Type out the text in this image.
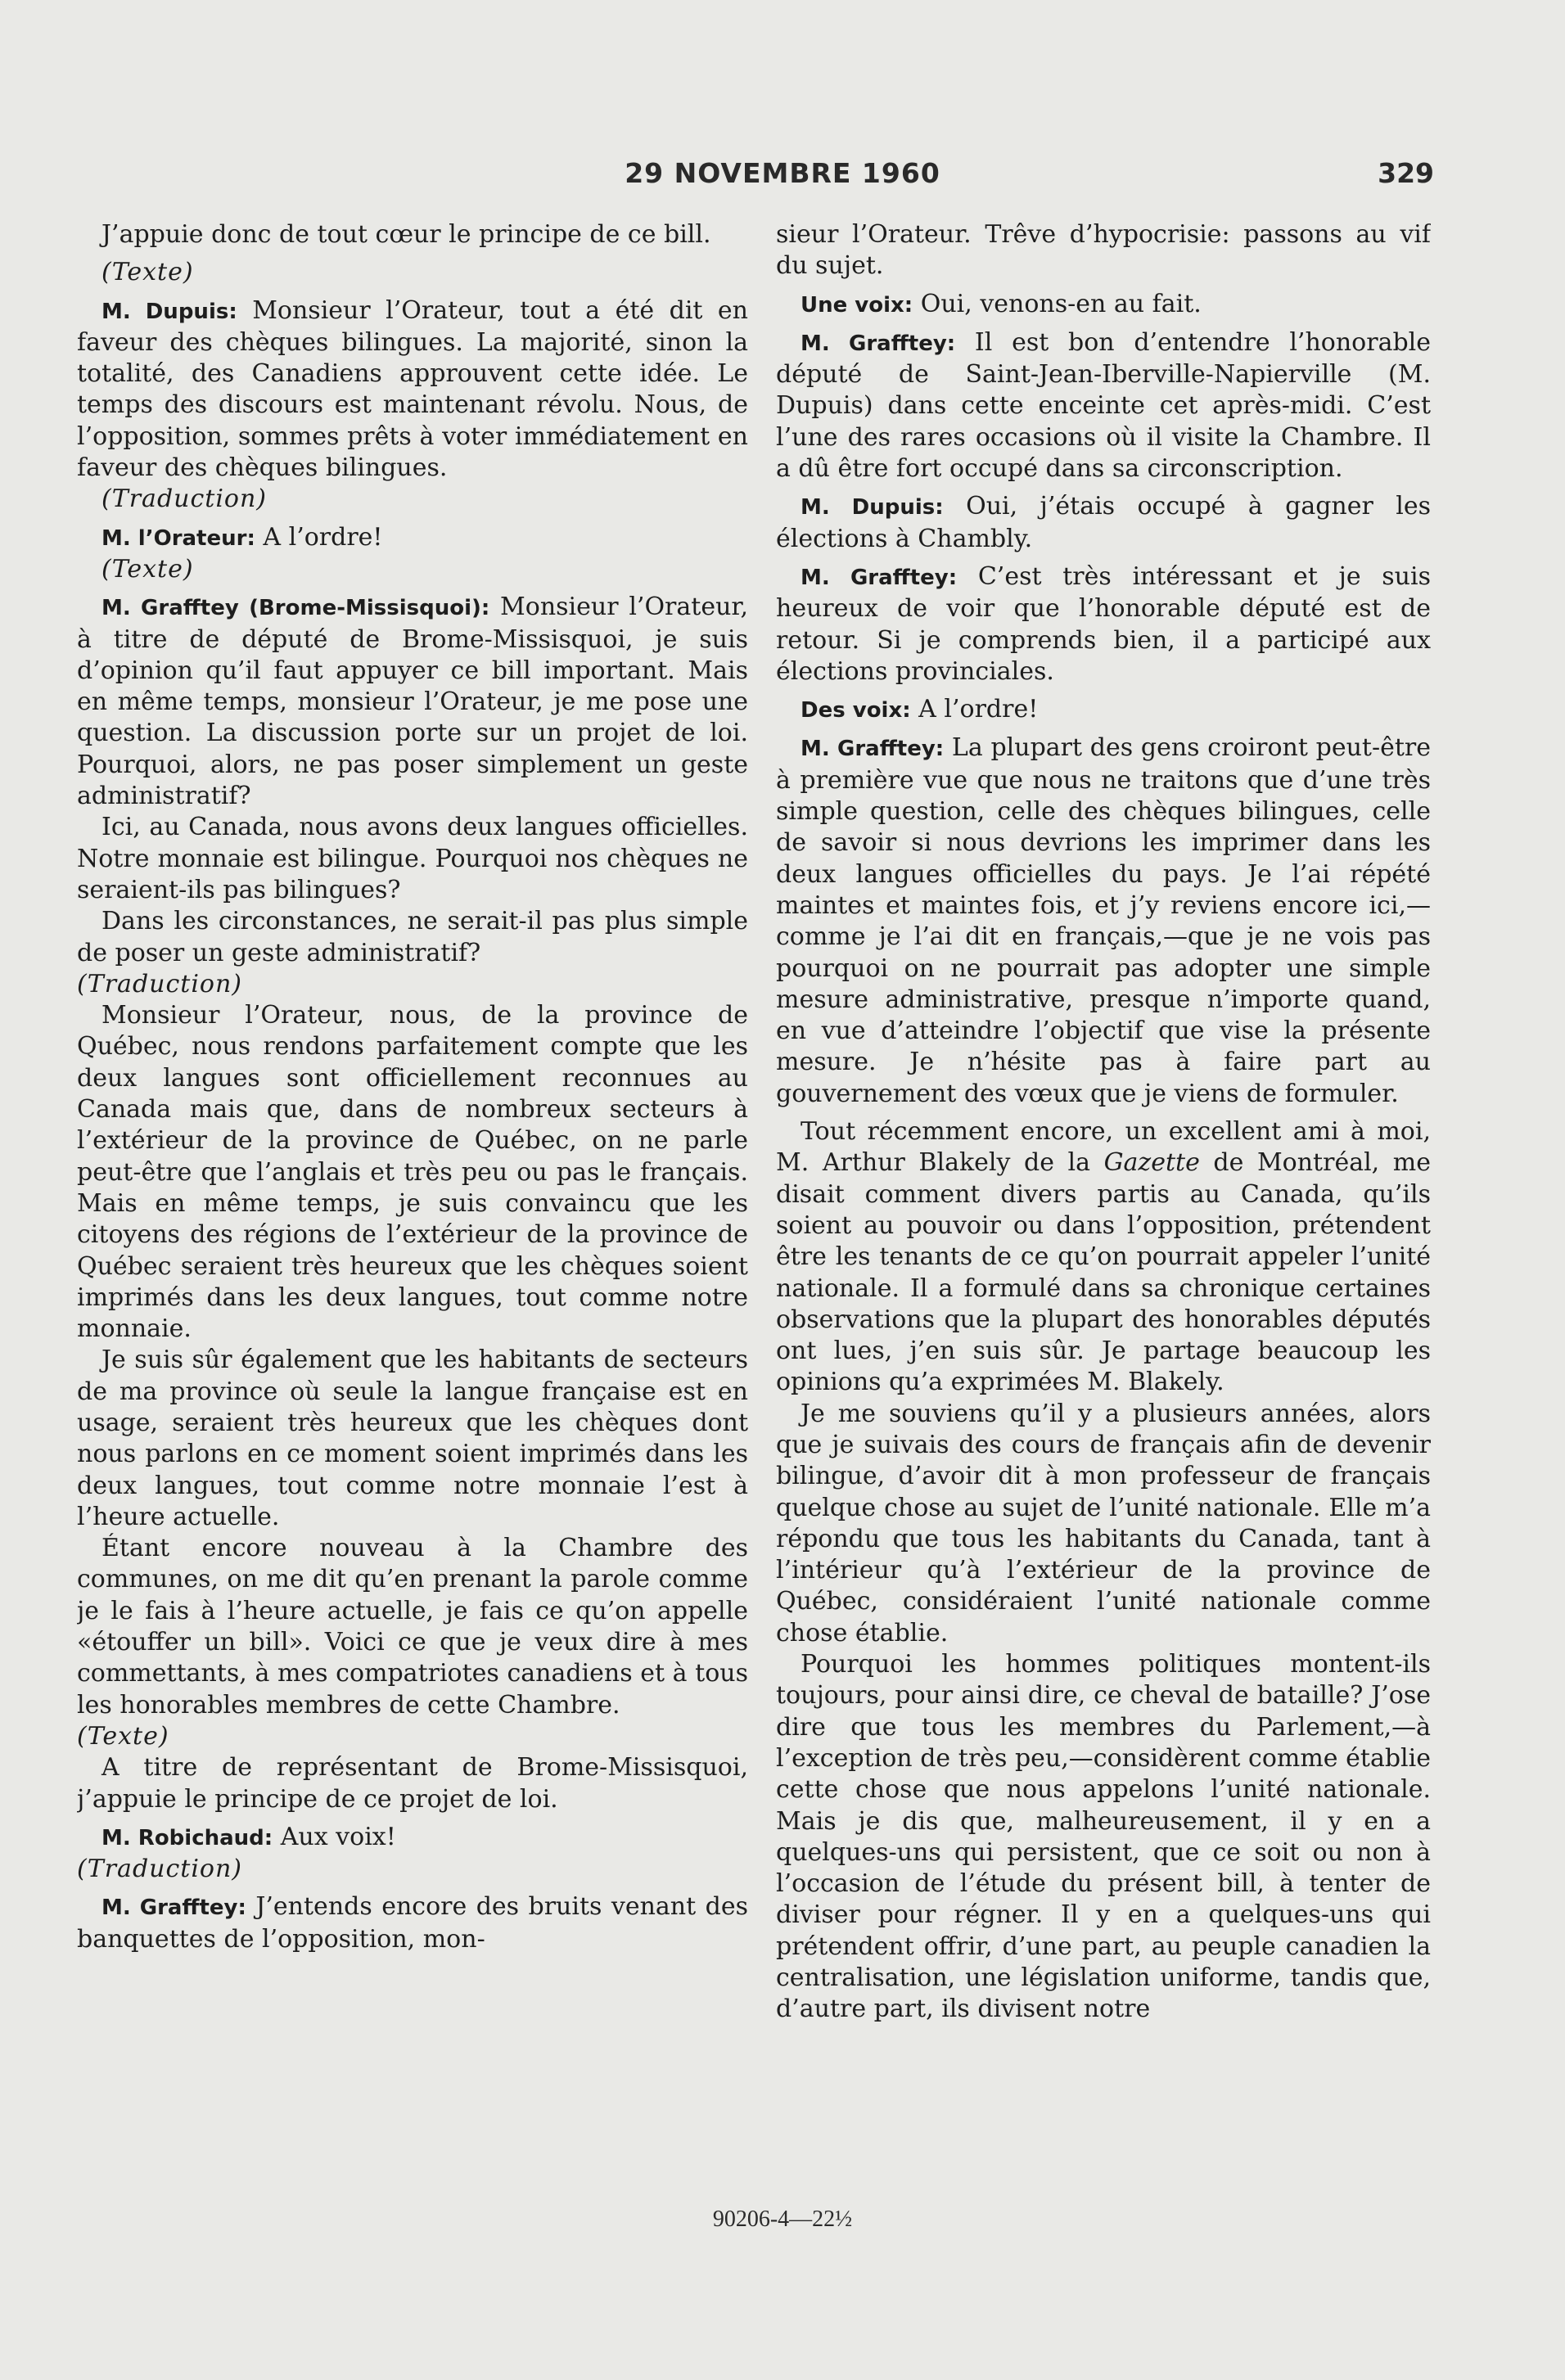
29 NOVEMBRE 1960	329

J’appuie donc de tout cœur le principe de ce bill.

(Texte)

M. Dupuis: Monsieur l’Orateur, tout a été dit en faveur des chèques bilingues. La majorité, sinon la totalité, des Canadiens approuvent cette idée. Le temps des discours est maintenant révolu. Nous, de l’opposition, sommes prêts à voter immédiatement en faveur des chèques bilingues.

(Traduction)

M. l’Orateur: A l’ordre!

(Texte)

M. Grafftey (Brome-Missisquoi): Monsieur l’Orateur, à titre de député de Brome-Missisquoi, je suis d’opinion qu’il faut appuyer ce bill important. Mais en même temps, monsieur l’Orateur, je me pose une question. La discussion porte sur un projet de loi. Pourquoi, alors, ne pas poser simplement un geste administratif?

Ici, au Canada, nous avons deux langues officielles. Notre monnaie est bilingue. Pourquoi nos chèques ne seraient-ils pas bilingues?

Dans les circonstances, ne serait-il pas plus simple de poser un geste administratif?

(Traduction)

Monsieur l’Orateur, nous, de la province de Québec, nous rendons parfaitement compte que les deux langues sont officiellement reconnues au Canada mais que, dans de nombreux secteurs à l’extérieur de la province de Québec, on ne parle peut-être que l’anglais et très peu ou pas le français. Mais en même temps, je suis convaincu que les citoyens des régions de l’extérieur de la province de Québec seraient très heureux que les chèques soient imprimés dans les deux langues, tout comme notre monnaie.

Je suis sûr également que les habitants de secteurs de ma province où seule la langue française est en usage, seraient très heureux que les chèques dont nous parlons en ce moment soient imprimés dans les deux langues, tout comme notre monnaie l’est à l’heure actuelle.

Étant encore nouveau à la Chambre des communes, on me dit qu’en prenant la parole comme je le fais à l’heure actuelle, je fais ce qu’on appelle «étouffer un bill». Voici ce que je veux dire à mes commettants, à mes compatriotes canadiens et à tous les honorables membres de cette Chambre.

(Texte)

A titre de représentant de Brome-Missisquoi, j’appuie le principe de ce projet de loi.

M. Robichaud: Aux voix!

(Traduction)

M. Grafftey: J’entends encore des bruits venant des banquettes de l’opposition, mon-

sieur l’Orateur. Trêve d’hypocrisie: passons au vif du sujet.

Une voix: Oui, venons-en au fait.

M. Grafftey: Il est bon d’entendre l’honorable député de Saint-Jean-Iberville-Napierville (M. Dupuis) dans cette enceinte cet après-midi. C’est l’une des rares occasions où il visite la Chambre. Il a dû être fort occupé dans sa circonscription.

M. Dupuis: Oui, j’étais occupé à gagner les élections à Chambly.

M. Grafftey: C’est très intéressant et je suis heureux de voir que l’honorable député est de retour. Si je comprends bien, il a participé aux élections provinciales.

Des voix: A l’ordre!

M. Grafftey: La plupart des gens croiront peut-être à première vue que nous ne traitons que d’une très simple question, celle des chèques bilingues, celle de savoir si nous devrions les imprimer dans les deux langues officielles du pays. Je l’ai répété maintes et maintes fois, et j’y reviens encore ici,—comme je l’ai dit en français,—que je ne vois pas pourquoi on ne pourrait pas adopter une simple mesure administrative, presque n’importe quand, en vue d’atteindre l’objectif que vise la présente mesure. Je n’hésite pas à faire part au gouvernement des vœux que je viens de formuler.

Tout récemment encore, un excellent ami à moi, M. Arthur Blakely de la Gazette de Montréal, me disait comment divers partis au Canada, qu’ils soient au pouvoir ou dans l’opposition, prétendent être les tenants de ce qu’on pourrait appeler l’unité nationale. Il a formulé dans sa chronique certaines observations que la plupart des honorables députés ont lues, j’en suis sûr. Je partage beaucoup les opinions qu’a exprimées M. Blakely.

Je me souviens qu’il y a plusieurs années, alors que je suivais des cours de français afin de devenir bilingue, d’avoir dit à mon professeur de français quelque chose au sujet de l’unité nationale. Elle m’a répondu que tous les habitants du Canada, tant à l’intérieur qu’à l’extérieur de la province de Québec, considéraient l’unité nationale comme chose établie.

Pourquoi les hommes politiques montent-ils toujours, pour ainsi dire, ce cheval de bataille? J’ose dire que tous les membres du Parlement,—à l’exception de très peu,—considèrent comme établie cette chose que nous appelons l’unité nationale. Mais je dis que, malheureusement, il y en a quelques-uns qui persistent, que ce soit ou non à l’occasion de l’étude du présent bill, à tenter de diviser pour régner. Il y en a quelques-uns qui prétendent offrir, d’une part, au peuple canadien la centralisation, une législation uniforme, tandis que, d’autre part, ils divisent notre

90206-4—22½
